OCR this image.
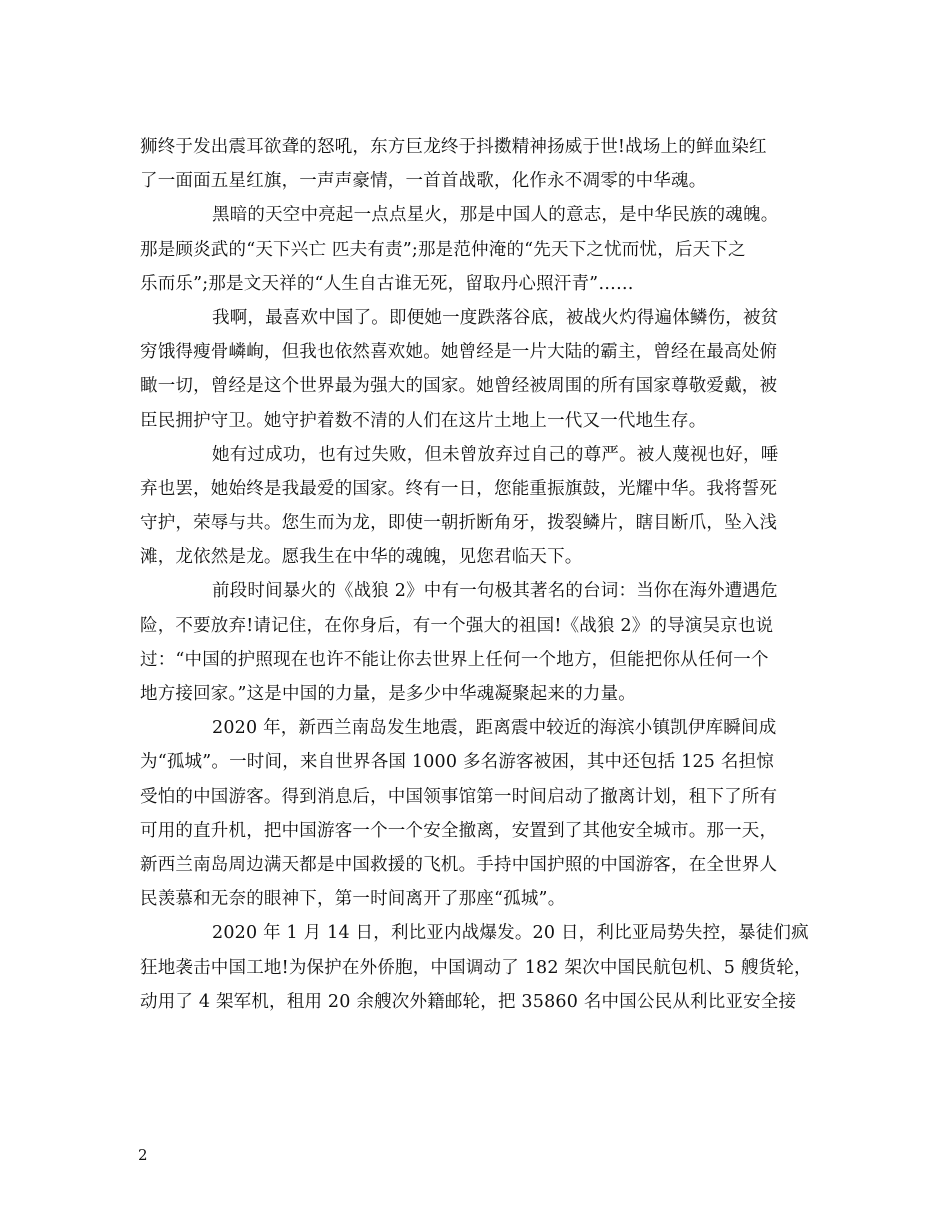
狮终于发出震耳欲聋的怒吼，东方巨龙终于抖擞精神扬威于世!战场上的鲜血染红
了一面面五星红旗，一声声豪情，一首首战歌，化作永不凋零的中华魂。
黑暗的天空中亮起一点点星火，那是中国人的意志，是中华民族的魂魄。
那是顾炎武的“天下兴亡 匹夫有责”;那是范仲淹的“先天下之忧而忧，后天下之
乐而乐”;那是文天祥的“人生自古谁无死，留取丹心照汗青”……
我啊，最喜欢中国了。即便她一度跌落谷底，被战火灼得遍体鳞伤，被贫
穷饿得瘦骨嶙峋，但我也依然喜欢她。她曾经是一片大陆的霸主，曾经在最高处俯
瞰一切，曾经是这个世界最为强大的国家。她曾经被周围的所有国家尊敬爱戴，被
臣民拥护守卫。她守护着数不清的人们在这片土地上一代又一代地生存。
她有过成功，也有过失败，但未曾放弃过自己的尊严。被人蔑视也好，唾
弃也罢，她始终是我最爱的国家。终有一日，您能重振旗鼓，光耀中华。我将誓死
守护，荣辱与共。您生而为龙，即使一朝折断角牙，拨裂鳞片，瞎目断爪，坠入浅
滩，龙依然是龙。愿我生在中华的魂魄，见您君临天下。
前段时间暴火的《战狼 2》中有一句极其著名的台词：当你在海外遭遇危
险，不要放弃!请记住，在你身后，有一个强大的祖国!《战狼 2》的导演吴京也说
过：“中国的护照现在也许不能让你去世界上任何一个地方，但能把你从任何一个
地方接回家。”这是中国的力量，是多少中华魂凝聚起来的力量。
2020 年，新西兰南岛发生地震，距离震中较近的海滨小镇凯伊库瞬间成
为“孤城”。一时间，来自世界各国 1000 多名游客被困，其中还包括 125 名担惊
受怕的中国游客。得到消息后，中国领事馆第一时间启动了撤离计划，租下了所有
可用的直升机，把中国游客一个一个安全撤离，安置到了其他安全城市。那一天，
新西兰南岛周边满天都是中国救援的飞机。手持中国护照的中国游客，在全世界人
民羡慕和无奈的眼神下，第一时间离开了那座“孤城”。
2020 年 1 月 14 日，利比亚内战爆发。20 日，利比亚局势失控，暴徒们疯
狂地袭击中国工地!为保护在外侨胞，中国调动了 182 架次中国民航包机、5 艘货轮，
动用了 4 架军机，租用 20 余艘次外籍邮轮，把 35860 名中国公民从利比亚安全接
2
